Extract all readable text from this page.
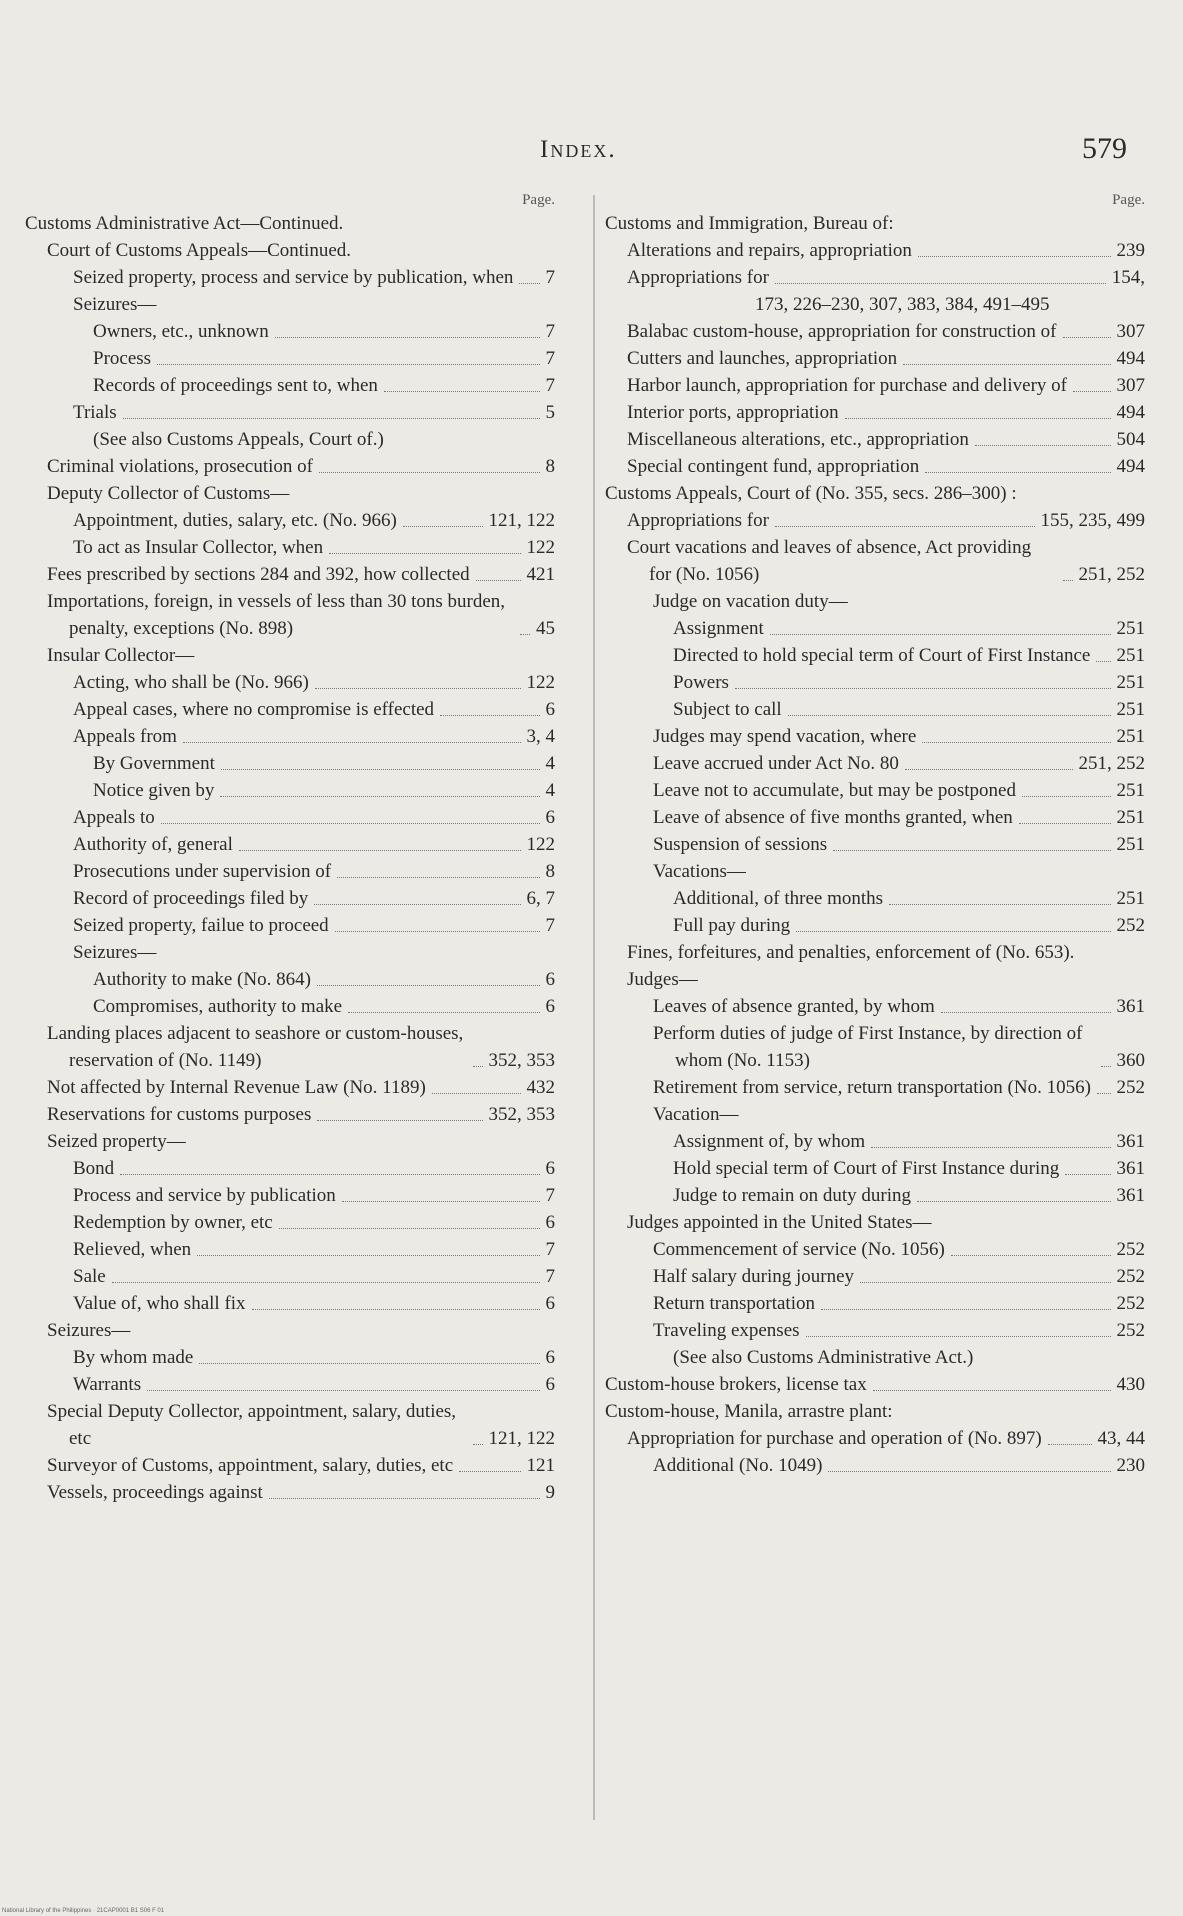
Index.	579
Page.
Customs Administrative Act—Continued.
Court of Customs Appeals—Continued.
Seized property, process and service by publication, when 7
Seizures—
Owners, etc., unknown	7
Process	7
Records of proceedings sent to, when	7
Trials	5
(See also Customs Appeals, Court of.)
Criminal violations, prosecution of	8
Deputy Collector of Customs—
Appointment, duties, salary, etc. (No. 966)	121, 122
To act as Insular Collector, when	122
Fees prescribed by sections 284 and 392, how collected	421
Importations, foreign, in vessels of less than 30 tons burden, penalty, exceptions (No. 898)	45
Insular Collector—
Acting, who shall be (No. 966)	122
Appeal cases, where no compromise is effected	6
Appeals from	3, 4
By Government	4
Notice given by	4
Appeals to	6
Authority of, general	122
Prosecutions under supervision of	8
Record of proceedings filed by	6, 7
Seized property, failue to proceed	7
Seizures—
Authority to make (No. 864)	6
Compromises, authority to make	6
Landing places adjacent to seashore or custom-houses, reservation of (No. 1149)	352, 353
Not affected by Internal Revenue Law (No. 1189)	432
Reservations for customs purposes	352, 353
Seized property—
Bond	6
Process and service by publication	7
Redemption by owner, etc	6
Relieved, when	7
Sale	7
Value of, who shall fix	6
Seizures—
By whom made	6
Warrants	6
Special Deputy Collector, appointment, salary, duties, etc	121, 122
Surveyor of Customs, appointment, salary, duties, etc	121
Vessels, proceedings against	9
Page.
Customs and Immigration, Bureau of:
Alterations and repairs, appropriation	239
Appropriations for	154,
173, 226–230, 307, 383, 384, 491–495
Balabac custom-house, appropriation for construction of	307
Cutters and launches, appropriation	494
Harbor launch, appropriation for purchase and delivery of	307
Interior ports, appropriation	494
Miscellaneous alterations, etc., appropriation	504
Special contingent fund, appropriation	494
Customs Appeals, Court of (No. 355, secs. 286–300) :
Appropriations for	155, 235, 499
Court vacations and leaves of absence, Act providing for (No. 1056)	251, 252
Judge on vacation duty—
Assignment	251
Directed to hold special term of Court of First Instance 251
Powers	251
Subject to call	251
Judges may spend vacation, where	251
Leave accrued under Act No. 80	251, 252
Leave not to accumulate, but may be postponed	251
Leave of absence of five months granted, when	251
Suspension of sessions	251
Vacations—
Additional, of three months	251
Full pay during	252
Fines, forfeitures, and penalties, enforcement of (No. 653).
Judges—
Leaves of absence granted, by whom	361
Perform duties of judge of First Instance, by direction of whom (No. 1153)	360
Retirement from service, return transportation (No. 1056) 252
Vacation—
Assignment of, by whom	361
Hold special term of Court of First Instance during	361
Judge to remain on duty during	361
Judges appointed in the United States—
Commencement of service (No. 1056)	252
Half salary during journey	252
Return transportation	252
Traveling expenses	252
(See also Customs Administrative Act.)
Custom-house brokers, license tax	430
Custom-house, Manila, arrastre plant:
Appropriation for purchase and operation of (No. 897)	43, 44
Additional (No. 1049)	230
National Library of the Philippines · 21CAP0001 B1 S06 F 01
